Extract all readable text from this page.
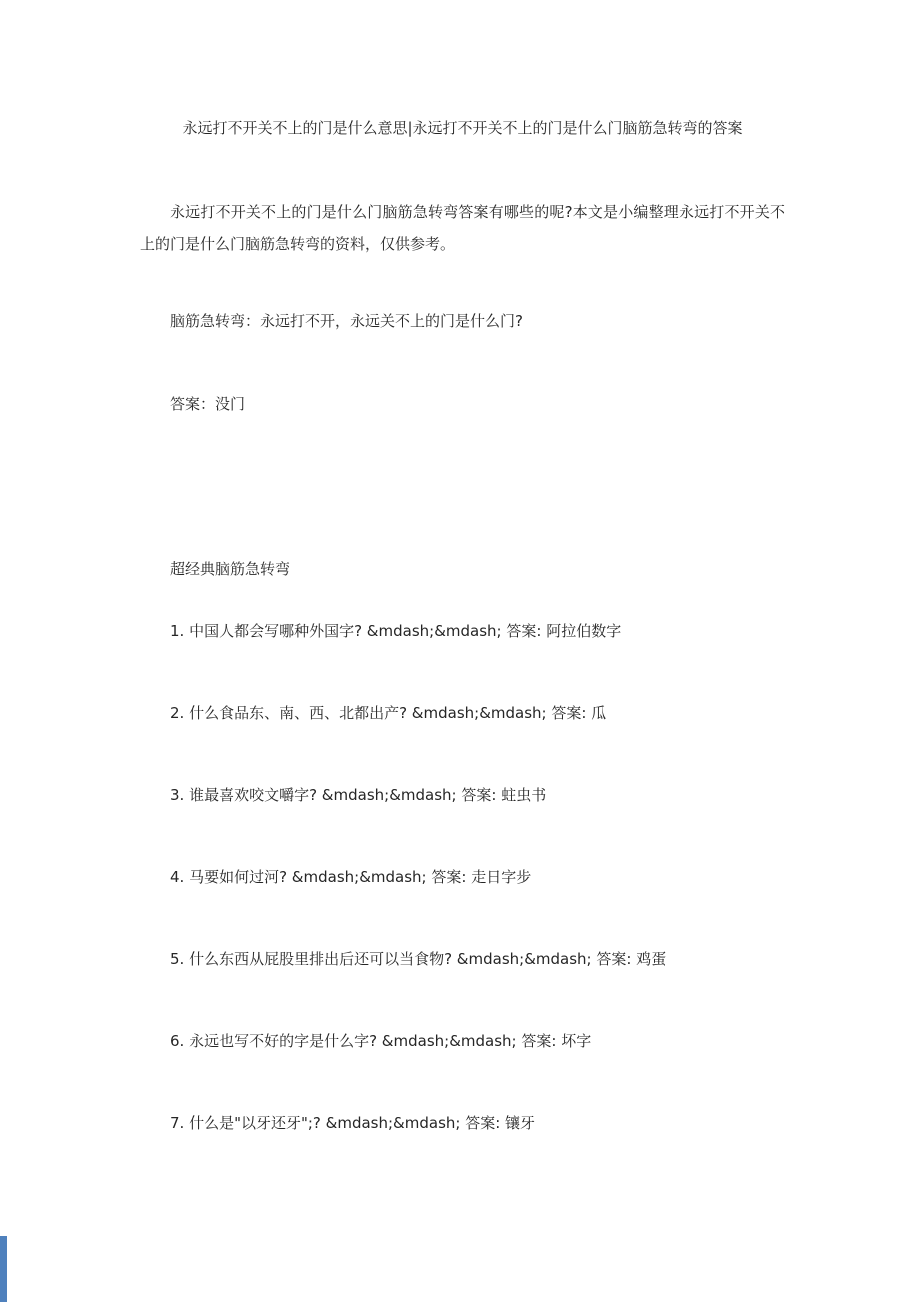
永远打不开关不上的门是什么意思|永远打不开关不上的门是什么门脑筋急转弯的答案

永远打不开关不上的门是什么门脑筋急转弯答案有哪些的呢?本文是小编整理永远打不开关不上的门是什么门脑筋急转弯的资料，仅供参考。

脑筋急转弯：永远打不开，永远关不上的门是什么门?

答案：没门

超经典脑筋急转弯

1. 中国人都会写哪种外国字? &mdash;&mdash; 答案: 阿拉伯数字

2. 什么食品东、南、西、北都出产? &mdash;&mdash; 答案: 瓜

3. 谁最喜欢咬文嚼字? &mdash;&mdash; 答案: 蛀虫书

4. 马要如何过河? &mdash;&mdash; 答案: 走日字步

5. 什么东西从屁股里排出后还可以当食物? &mdash;&mdash; 答案: 鸡蛋

6. 永远也写不好的字是什么字? &mdash;&mdash; 答案: 坏字

7. 什么是"以牙还牙";? &mdash;&mdash; 答案: 镶牙
